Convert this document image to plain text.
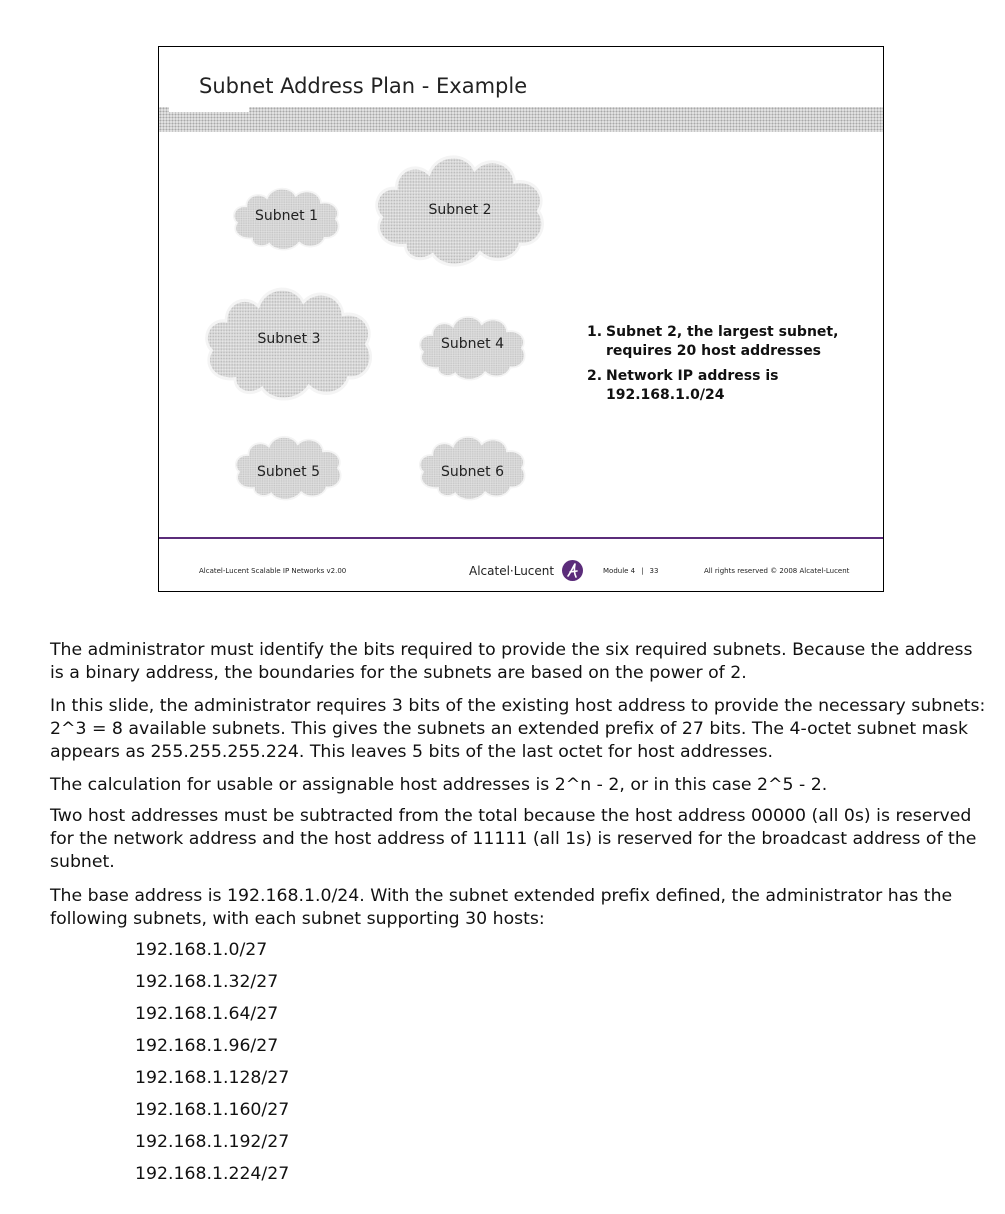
Subnet Address Plan - Example
Subnet 1	Subnet 2
Subnet 3	Subnet 4
Subnet 5	Subnet 6
1. Subnet 2, the largest subnet, requires 20 host addresses
2. Network IP address is 192.168.1.0/24
Alcatel-Lucent Scalable IP Networks v2.00	Alcatel·Lucent	Module 4 | 33	All rights reserved © 2008 Alcatel-Lucent
The administrator must identify the bits required to provide the six required subnets. Because the address is a binary address, the boundaries for the subnets are based on the power of 2.
In this slide, the administrator requires 3 bits of the existing host address to provide the necessary subnets: 2^3 = 8 available subnets. This gives the subnets an extended prefix of 27 bits. The 4-octet subnet mask appears as 255.255.255.224. This leaves 5 bits of the last octet for host addresses.
The calculation for usable or assignable host addresses is 2^n - 2, or in this case 2^5 - 2.
Two host addresses must be subtracted from the total because the host address 00000 (all 0s) is reserved for the network address and the host address of 11111 (all 1s) is reserved for the broadcast address of the subnet.
The base address is 192.168.1.0/24. With the subnet extended prefix defined, the administrator has the following subnets, with each subnet supporting 30 hosts:
192.168.1.0/27
192.168.1.32/27
192.168.1.64/27
192.168.1.96/27
192.168.1.128/27
192.168.1.160/27
192.168.1.192/27
192.168.1.224/27
